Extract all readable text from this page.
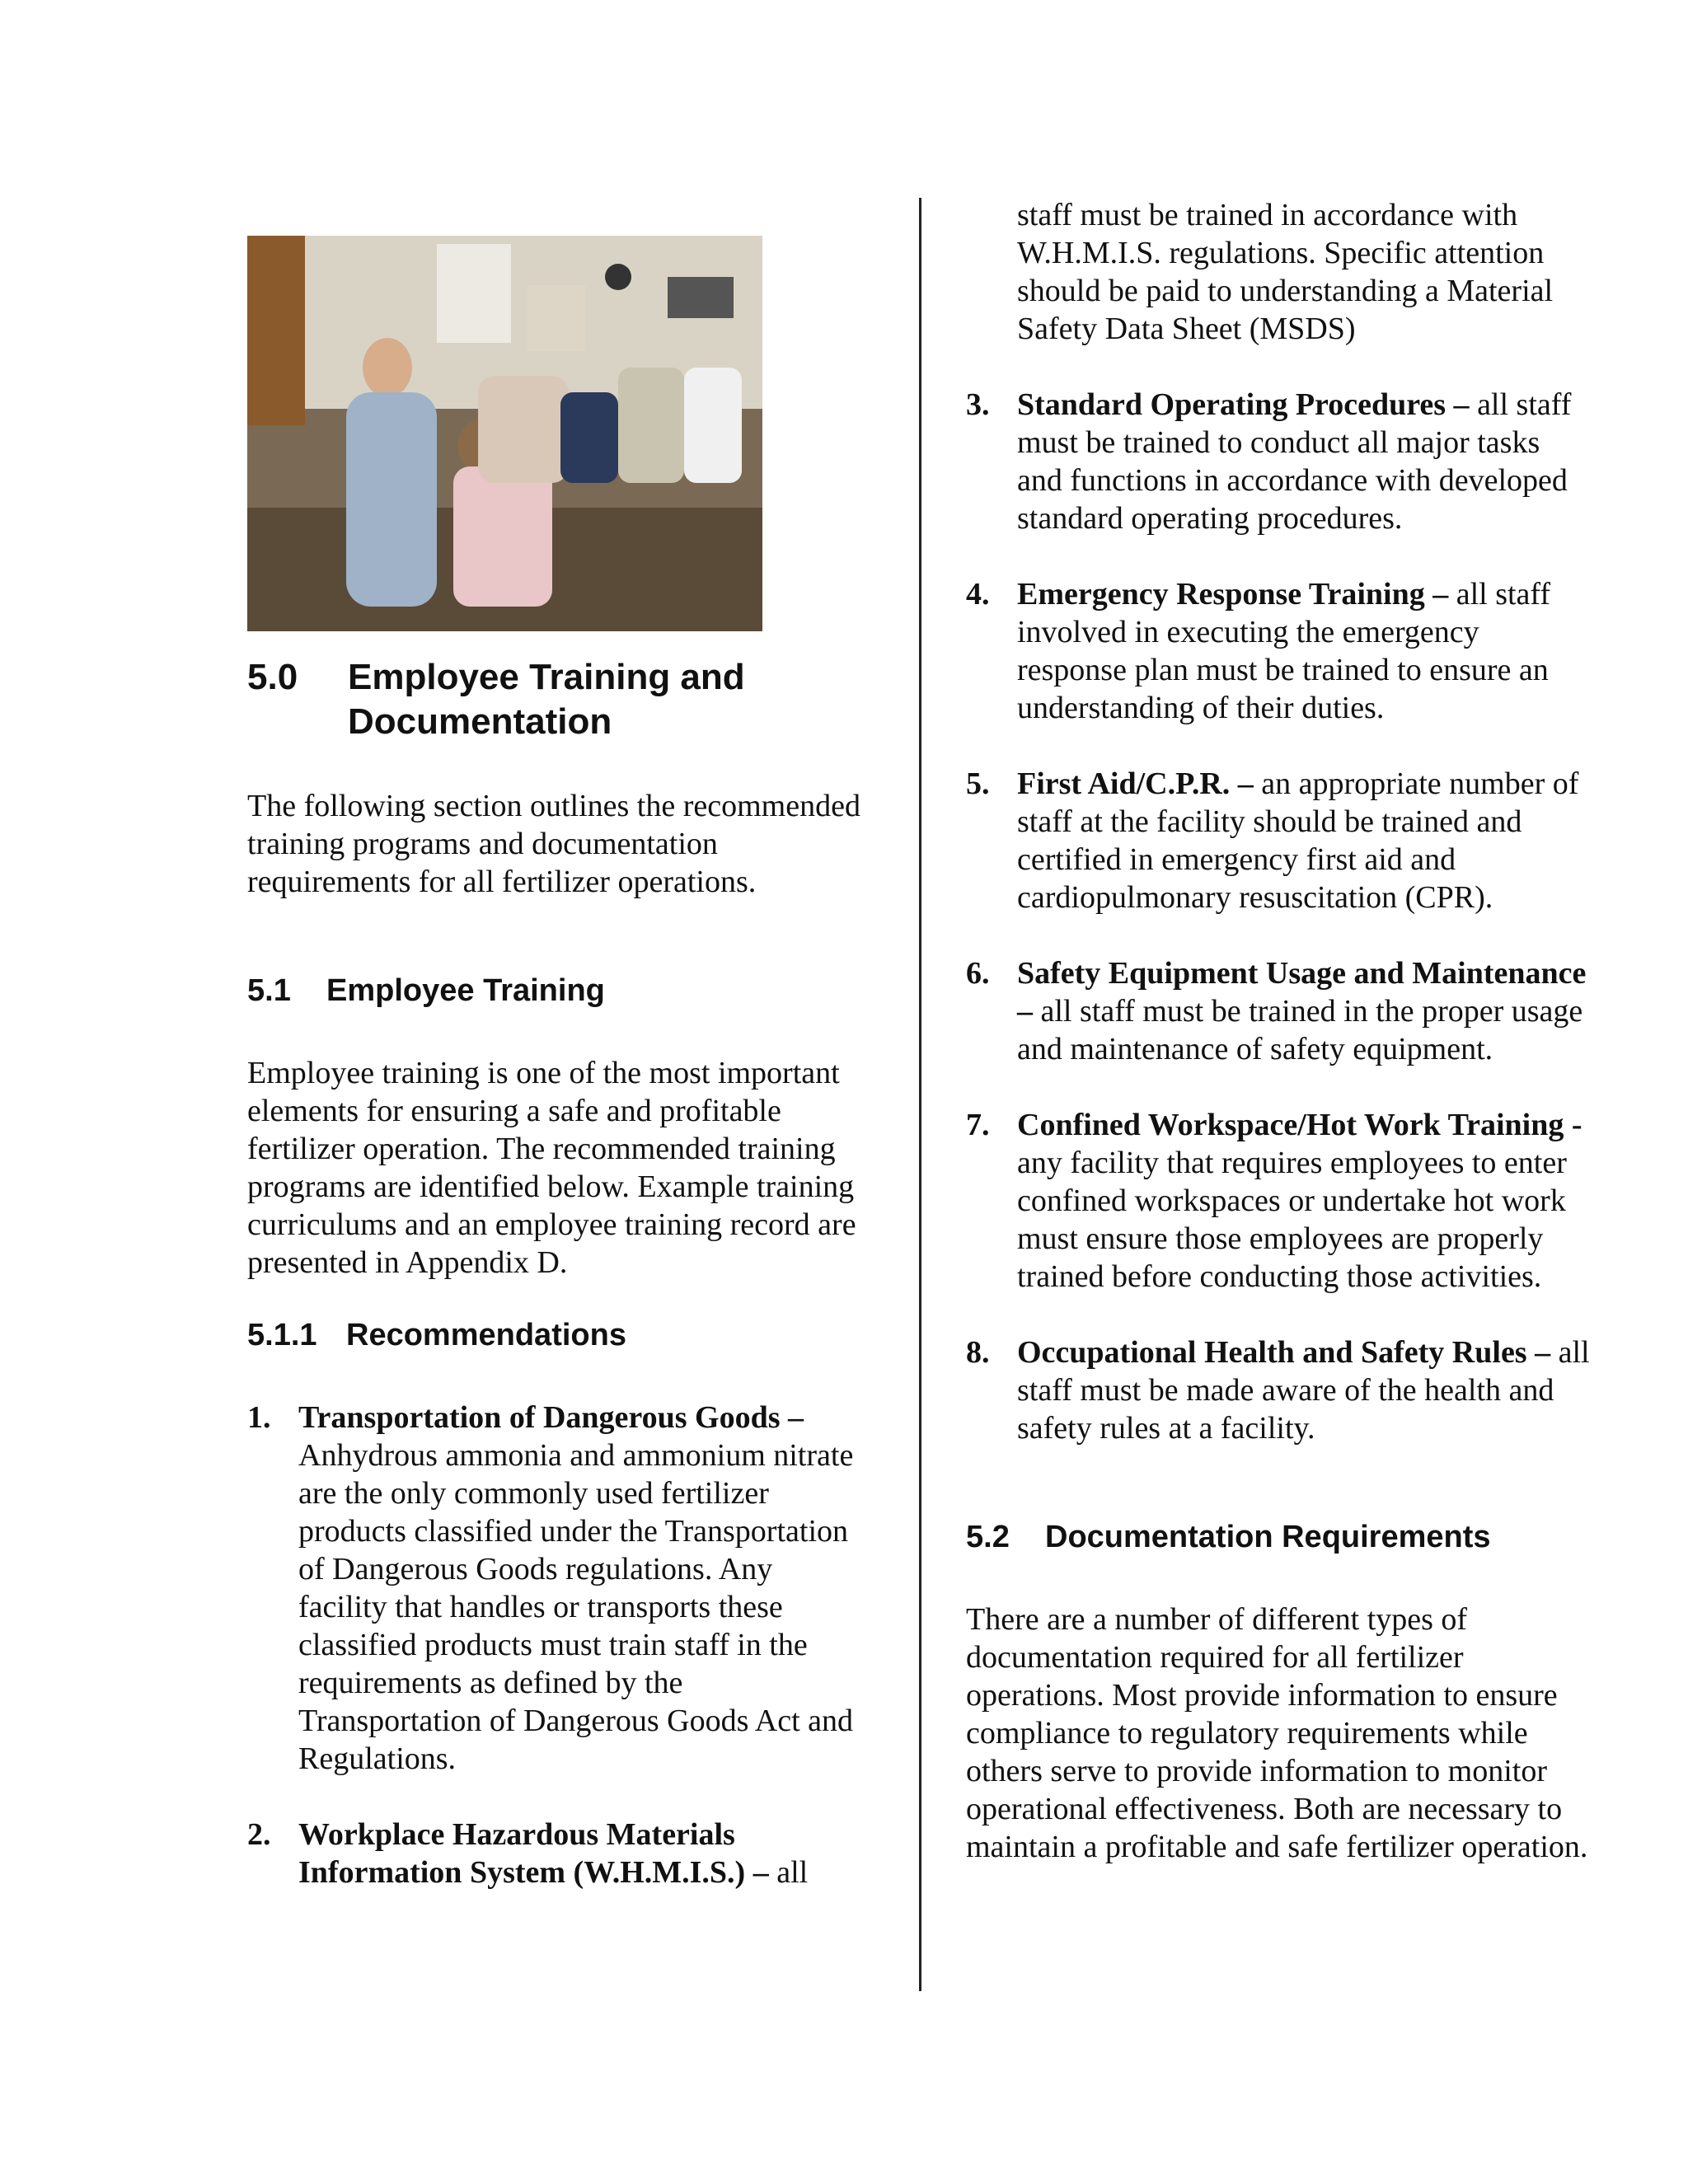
5.0	Employee Training and Documentation

The following section outlines the recommended training programs and documentation requirements for all fertilizer operations.

5.1	Employee Training

Employee training is one of the most important elements for ensuring a safe and profitable fertilizer operation. The recommended training programs are identified below. Example training curriculums and an employee training record are presented in Appendix D.

5.1.1 Recommendations
1. Transportation of Dangerous Goods – Anhydrous ammonia and ammonium nitrate are the only commonly used fertilizer products classified under the Transportation of Dangerous Goods regulations. Any facility that handles or transports these classified products must train staff in the requirements as defined by the Transportation of Dangerous Goods Act and Regulations.
2. Workplace Hazardous Materials Information System (W.H.M.I.S.) – all

staff must be trained in accordance with W.H.M.I.S. regulations. Specific attention should be paid to understanding a Material Safety Data Sheet (MSDS)

3. Standard Operating Procedures – all staff must be trained to conduct all major tasks and functions in accordance with developed standard operating procedures.
4. Emergency Response Training – all staff involved in executing the emergency response plan must be trained to ensure an understanding of their duties.
5. First Aid/C.P.R. – an appropriate number of staff at the facility should be trained and certified in emergency first aid and cardiopulmonary resuscitation (CPR).
6. Safety Equipment Usage and Maintenance – all staff must be trained in the proper usage and maintenance of safety equipment.
7. Confined Workspace/Hot Work Training - any facility that requires employees to enter confined workspaces or undertake hot work must ensure those employees are properly trained before conducting those activities.
8. Occupational Health and Safety Rules – all staff must be made aware of the health and safety rules at a facility.
5.2	Documentation Requirements

There are a number of different types of documentation required for all fertilizer operations. Most provide information to ensure compliance to regulatory requirements while others serve to provide information to monitor operational effectiveness. Both are necessary to maintain a profitable and safe fertilizer operation.
